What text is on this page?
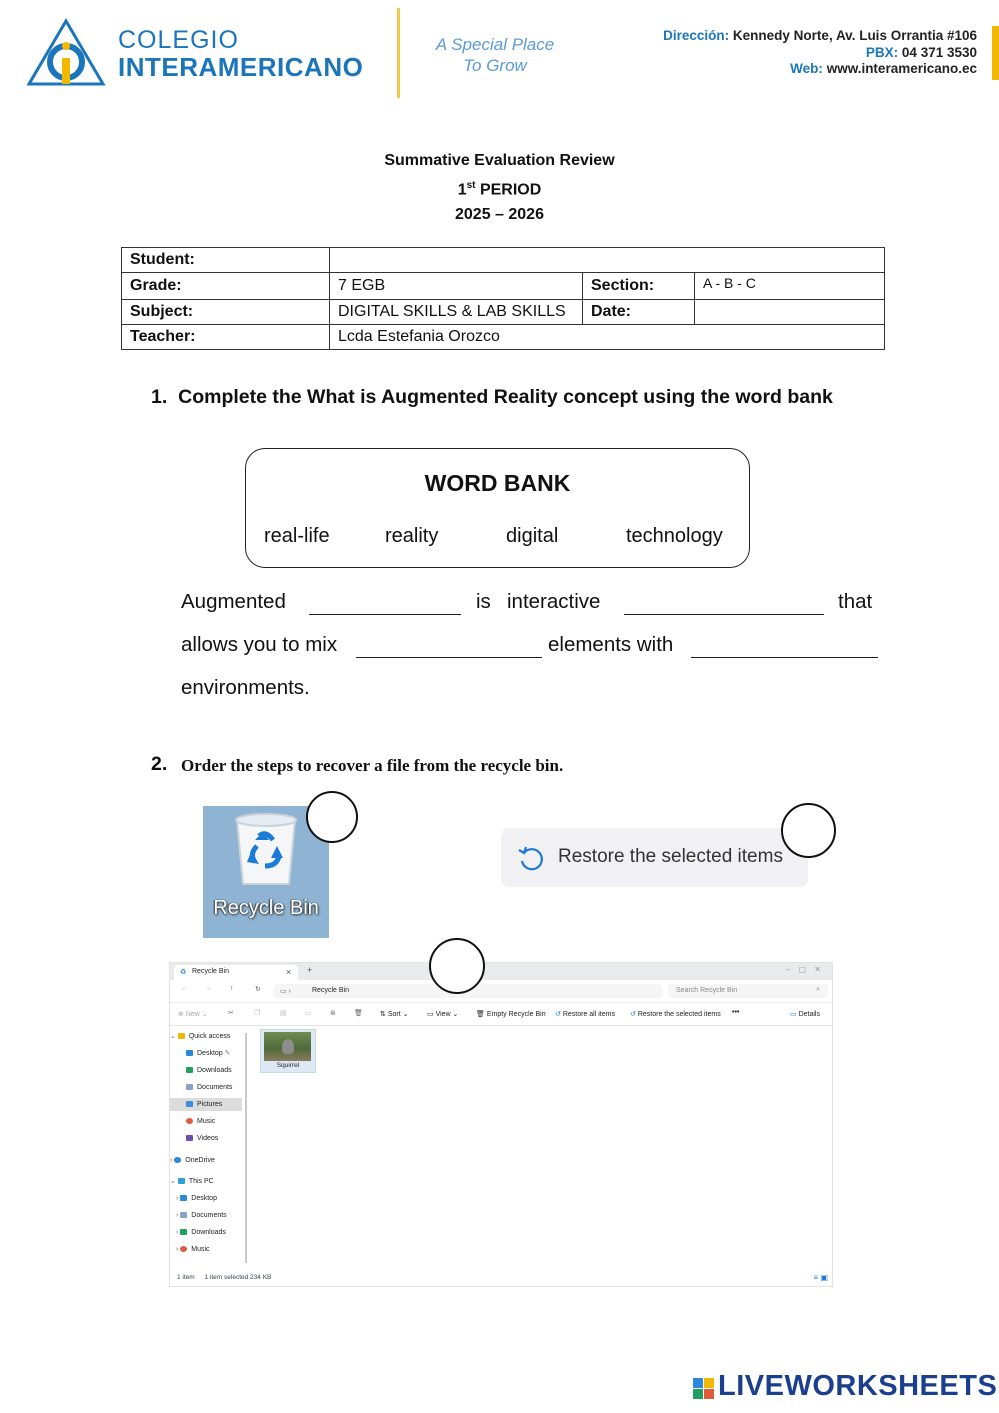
COLEGIO
INTERAMERICANO
A Special Place
To Grow
Dirección: Kennedy Norte, Av. Luis Orrantia #106
PBX: 04 371 3530
Web: www.interamericano.ec
Summative Evaluation Review
1st PERIOD
2025 – 2026
Student:			
Grade:	7 EGB	Section:	A - B - C
Subject:	DIGITAL SKILLS & LAB SKILLS	Date:	
Teacher:	Lcda Estefania Orozco		
1. Complete the What is Augmented Reality concept using the word bank
WORD BANK
real-life	reality	digital	technology
Augmented	is interactive	that
allows you to mix	elements with
environments.
2. Order the steps to recover a file from the recycle bin.
Recycle Bin
Restore the selected items
♻ Recycle Bin	× +	– ▢ ✕
← →	↑	↻	▭ ›	Recycle Bin	Search Recycle Bin	⌕
⊕ New ⌄	✂	❐	▤	▭	⊛	🗑 ⇅ Sort ⌄	▭ View ⌄	🗑 Empty Recycle Bin ↺ Restore all items ↺ Restore the selected items •••	▭ Details
⌄ Quick access
Desktop ✎
Downloads
Documents
Pictures
Music
Videos
› OneDrive
⌄ This PC
› Desktop
› Documents
› Downloads
› Music
Squirrel
1 item 1 item selected 234 KB	≡ ▣
LIVEWORKSHEETS
